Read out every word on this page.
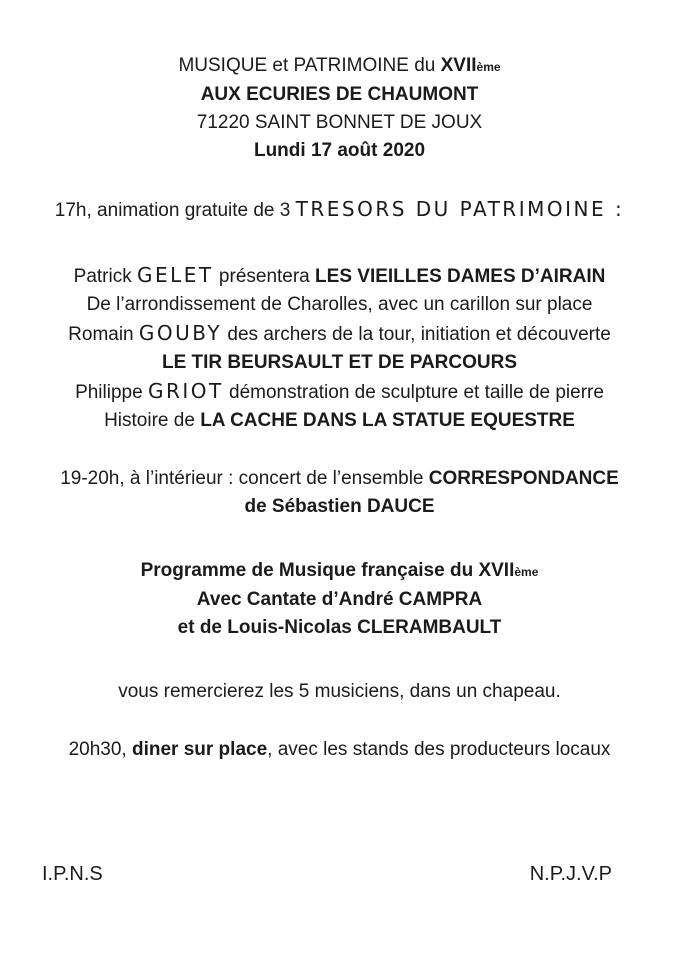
MUSIQUE et PATRIMOINE du XVIIème
AUX ECURIES DE CHAUMONT
71220 SAINT BONNET DE JOUX
Lundi 17 août 2020
17h, animation gratuite de 3 TRESORS DU PATRIMOINE :
Patrick GELET présentera LES VIEILLES DAMES D’AIRAIN
De l’arrondissement de Charolles, avec un carillon sur place
Romain GOUBY des archers de la tour, initiation et découverte
LE TIR BEURSAULT ET DE PARCOURS
Philippe GRIOT démonstration de sculpture et taille de pierre
Histoire de LA CACHE DANS LA STATUE EQUESTRE
19-20h, à l’intérieur : concert de l’ensemble CORRESPONDANCE
de Sébastien DAUCE
Programme de Musique française du XVIIème
Avec Cantate d’André CAMPRA
et de Louis-Nicolas CLERAMBAULT
vous remercierez les 5 musiciens, dans un chapeau.
20h30, diner sur place, avec les stands des producteurs locaux
I.P.N.S	N.P.J.V.P
